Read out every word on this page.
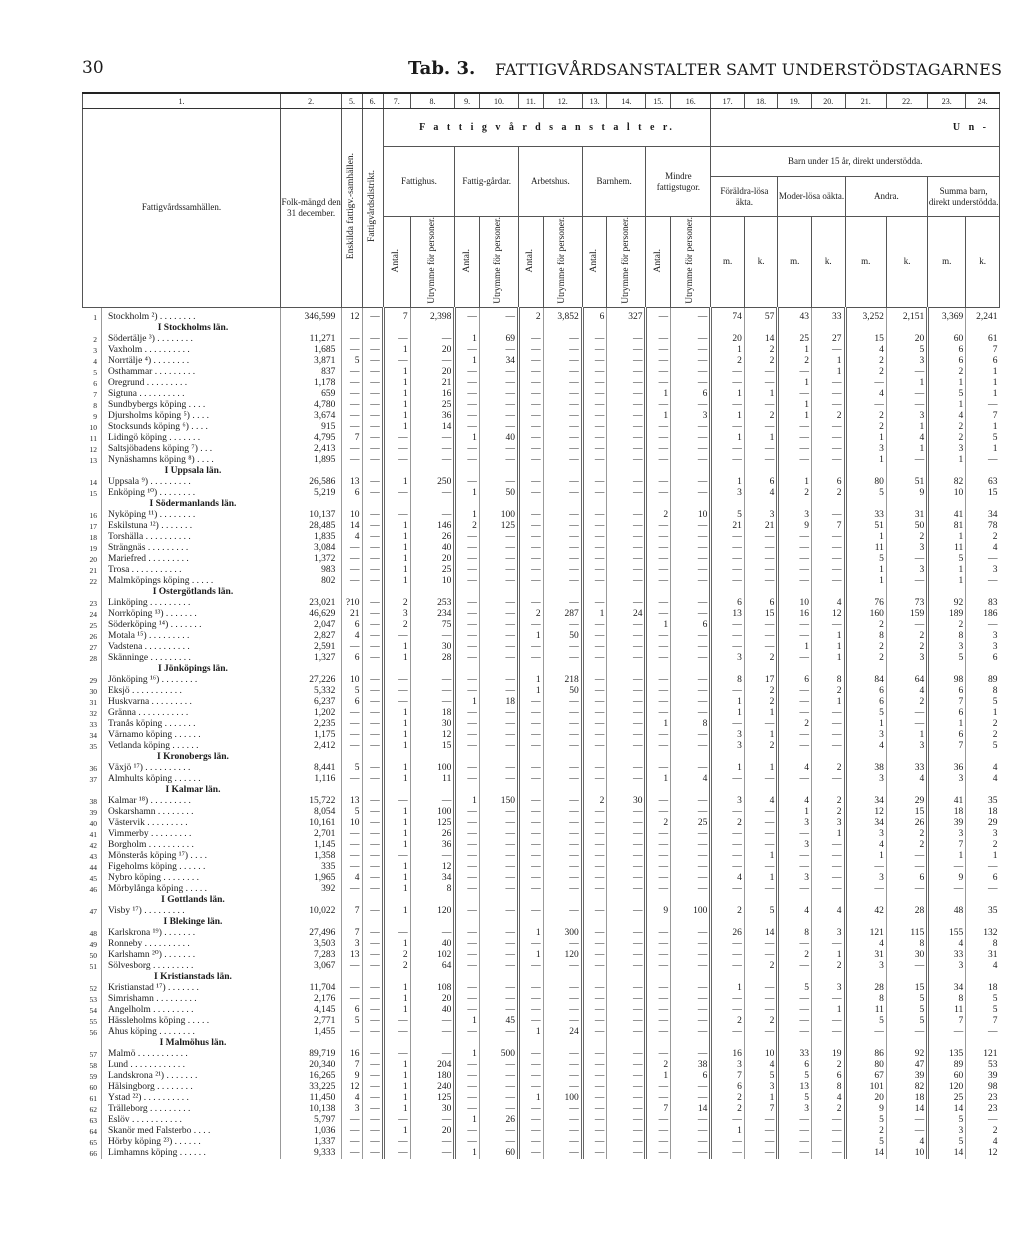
30	Tab. 3. FATTIGVÅRDSANSTALTER SAMT UNDERSTÖDSTAGARNES
1.		2.	5.	6.	7.	8.	9.	10.	11.	12.	13.	14.	15.	16.	17.	18.	19.	20.	21.	22.	23.	24.
Fattigvårdssamhällen.		Folk-mängd den 31 december.	Enskilda fattigv.-samhällen.	Fattigvårdsdistrikt.	F a t t i g v å r d s a n s t a l t e r.										U n -							
					Fattighus.		Fattig-gårdar.		Arbetshus.		Barnhem.		Mindre fattigstugor.		Barn under 15 år, direkt understödda.							
															Föräldra-lösa äkta.		Moder-lösa oäkta.		Andra.		Summa barn, direkt understödda.	
					Antal.	Utrymme för personer.	Antal.	Utrymme för personer.	Antal.	Utrymme för personer.	Antal.	Utrymme för personer.	Antal.	Utrymme för personer.	m.	k.	m.	k.	m.	k.	m.	k.
1	Stockholm ²) . . . . . . . .	346,599	12	—	7	2,398	—	—	2	3,852	6	327	—	—	74	57	43	33	3,252	2,151	3,369	2,241
	I Stockholms län.																					
2	Södertälje ³) . . . . . . . .	11,271	—	—	—	—	1	69	—	—	—	—	—	—	20	14	25	27	15	20	60	61
3	Vaxholm . . . . . . . . . .	1,685	—	—	1	20	—	—	—	—	—	—	—	—	1	2	1	—	4	5	6	7
4	Norrtälje ⁴) . . . . . . . .	3,871	5	—	—	—	1	34	—	—	—	—	—	—	2	2	2	1	2	3	6	6
5	Östhammar . . . . . . . . .	837	—	—	1	20	—	—	—	—	—	—	—	—	—	—	—	1	2	—	2	1
6	Öregrund . . . . . . . . .	1,178	—	—	1	21	—	—	—	—	—	—	—	—	—	—	1	—	—	1	1	1
7	Sigtuna . . . . . . . . . .	659	—	—	1	16	—	—	—	—	—	—	1	6	1	1	—	—	4	—	5	1
8	Sundbybergs köping . . . .	4,780	—	—	1	25	—	—	—	—	—	—	—	—	—	—	1	—	—	—	1	—
9	Djursholms köping ⁵) . . . .	3,674	—	—	1	36	—	—	—	—	—	—	1	3	1	2	1	2	2	3	4	7
10	Stocksunds köping ⁶) . . . .	915	—	—	1	14	—	—	—	—	—	—	—	—	—	—	—	—	2	1	2	1
11	Lidingö köping . . . . . . .	4,795	7	—	—	—	1	40	—	—	—	—	—	—	1	1	—	—	1	4	2	5
12	Saltsjöbadens köping ⁷) . . .	2,413	—	—	—	—	—	—	—	—	—	—	—	—	—	—	—	—	3	1	3	1
13	Nynäshamns köping ⁸) . . . .	1,895	—	—	—	—	—	—	—	—	—	—	—	—	—	—	—	—	1	—	1	—
	I Uppsala län.																					
14	Uppsala ⁹) . . . . . . . . .	26,586	13	—	1	250	—	—	—	—	—	—	—	—	1	6	1	6	80	51	82	63
15	Enköping ¹⁰) . . . . . . . .	5,219	6	—	—	—	1	50	—	—	—	—	—	—	3	4	2	2	5	9	10	15
	I Södermanlands län.																					
16	Nyköping ¹¹) . . . . . . . .	10,137	10	—	—	—	1	100	—	—	—	—	2	10	5	3	3	—	33	31	41	34
17	Eskilstuna ¹²) . . . . . . .	28,485	14	—	1	146	2	125	—	—	—	—	—	—	21	21	9	7	51	50	81	78
18	Torshälla . . . . . . . . . .	1,835	4	—	1	26	—	—	—	—	—	—	—	—	—	—	—	—	1	2	1	2
19	Strängnäs . . . . . . . . .	3,084	—	—	1	40	—	—	—	—	—	—	—	—	—	—	—	—	11	3	11	4
20	Mariefred . . . . . . . . .	1,372	—	—	1	20	—	—	—	—	—	—	—	—	—	—	—	—	5	—	5	—
21	Trosa . . . . . . . . . . .	983	—	—	1	25	—	—	—	—	—	—	—	—	—	—	—	—	1	3	1	3
22	Malmköpings köping . . . . .	802	—	—	1	10	—	—	—	—	—	—	—	—	—	—	—	—	1	—	1	—
	I Östergötlands län.																					
23	Linköping . . . . . . . . .	23,021	?10	—	2	253	—	—	—	—	—	—	—	—	6	6	10	4	76	73	92	83
24	Norrköping ¹³) . . . . . . .	46,629	21	—	3	234	—	—	2	287	1	24	—	—	13	15	16	12	160	159	189	186
25	Söderköping ¹⁴) . . . . . . .	2,047	6	—	2	75	—	—	—	—	—	—	1	6	—	—	—	—	2	—	2	—
26	Motala ¹⁵) . . . . . . . . .	2,827	4	—	—	—	—	—	1	50	—	—	—	—	—	—	—	1	8	2	8	3
27	Vadstena . . . . . . . . . .	2,591	—	—	1	30	—	—	—	—	—	—	—	—	—	—	1	1	2	2	3	3
28	Skänninge . . . . . . . . .	1,327	6	—	1	28	—	—	—	—	—	—	—	—	3	2	—	1	2	3	5	6
	I Jönköpings län.																					
29	Jönköping ¹⁶) . . . . . . . .	27,226	10	—	—	—	—	—	1	218	—	—	—	—	8	17	6	8	84	64	98	89
30	Eksjö . . . . . . . . . . .	5,332	5	—	—	—	—	—	1	50	—	—	—	—	—	2	—	2	6	4	6	8
31	Huskvarna . . . . . . . . .	6,237	6	—	—	—	1	18	—	—	—	—	—	—	1	2	—	1	6	2	7	5
32	Gränna . . . . . . . . . . .	1,202	—	—	1	18	—	—	—	—	—	—	—	—	1	1	—	—	5	—	6	1
33	Tranås köping . . . . . . .	2,235	—	—	1	30	—	—	—	—	—	—	1	8	—	—	2	—	1	—	1	2
34	Värnamo köping . . . . . .	1,175	—	—	1	12	—	—	—	—	—	—	—	—	3	1	—	—	3	1	6	2
35	Vetlanda köping . . . . . .	2,412	—	—	1	15	—	—	—	—	—	—	—	—	3	2	—	—	4	3	7	5
	I Kronobergs län.																					
36	Växjö ¹⁷) . . . . . . . . . .	8,441	5	—	1	100	—	—	—	—	—	—	—	—	1	1	4	2	38	33	36	4
37	Älmhults köping . . . . . .	1,116	—	—	1	11	—	—	—	—	—	—	1	4	—	—	—	—	3	4	3	4
	I Kalmar län.																					
38	Kalmar ¹⁸) . . . . . . . . .	15,722	13	—	—	—	1	150	—	—	2	30	—	—	3	4	4	2	34	29	41	35
39	Oskarshamn . . . . . . . .	8,054	5	—	1	100	—	—	—	—	—	—	—	—	—	—	1	2	12	15	18	18
40	Västervik . . . . . . . . .	10,161	10	—	1	125	—	—	—	—	—	—	2	25	2	—	3	3	34	26	39	29
41	Vimmerby . . . . . . . . .	2,701	—	—	1	26	—	—	—	—	—	—	—	—	—	—	—	1	3	2	3	3
42	Borgholm . . . . . . . . . .	1,145	—	—	1	36	—	—	—	—	—	—	—	—	—	—	3	—	4	2	7	2
43	Mönsterås köping ¹⁷) . . . .	1,358	—	—	—	—	—	—	—	—	—	—	—	—	—	1	—	—	1	—	1	1
44	Figeholms köping . . . . . .	335	—	—	1	12	—	—	—	—	—	—	—	—	—	—	—	—	—	—	—	—
45	Nybro köping . . . . . . . .	1,965	4	—	1	34	—	—	—	—	—	—	—	—	4	1	3	—	3	6	9	6
46	Mörbylånga köping . . . . .	392	—	—	1	8	—	—	—	—	—	—	—	—	—	—	—	—	—	—	—	—
	I Gottlands län.																					
47	Visby ¹⁷) . . . . . . . . .	10,022	7	—	1	120	—	—	—	—	—	—	9	100	2	5	4	4	42	28	48	35
	I Blekinge län.																					
48	Karlskrona ¹⁹) . . . . . . .	27,496	7	—	—	—	—	—	1	300	—	—	—	—	26	14	8	3	121	115	155	132
49	Ronneby . . . . . . . . . .	3,503	3	—	1	40	—	—	—	—	—	—	—	—	—	—	—	—	4	8	4	8
50	Karlshamn ²⁰) . . . . . . .	7,283	13	—	2	102	—	—	1	120	—	—	—	—	—	—	2	1	31	30	33	31
51	Sölvesborg . . . . . . . . .	3,067	—	—	2	64	—	—	—	—	—	—	—	—	—	2	—	2	3	—	3	4
	I Kristianstads län.																					
52	Kristianstad ¹⁷) . . . . . . .	11,704	—	—	1	108	—	—	—	—	—	—	—	—	1	—	5	3	28	15	34	18
53	Simrishamn . . . . . . . . .	2,176	—	—	1	20	—	—	—	—	—	—	—	—	—	—	—	—	8	5	8	5
54	Ängelholm . . . . . . . . .	4,145	6	—	1	40	—	—	—	—	—	—	—	—	—	—	—	1	11	5	11	5
55	Hässleholms köping . . . . .	2,771	5	—	—	—	1	45	—	—	—	—	—	—	2	2	—	—	5	5	7	7
56	Åhus köping . . . . . . . .	1,455	—	—	—	—	—	—	1	24	—	—	—	—	—	—	—	—	—	—	—	—
	I Malmöhus län.																					
57	Malmö . . . . . . . . . . .	89,719	16	—	—	—	1	500	—	—	—	—	—	—	16	10	33	19	86	92	135	121
58	Lund . . . . . . . . . . . .	20,340	7	—	1	204	—	—	—	—	—	—	2	38	3	4	6	2	80	47	89	53
59	Landskrona ²¹) . . . . . . .	16,265	9	—	1	180	—	—	—	—	—	—	1	6	7	5	5	6	67	39	60	39
60	Hälsingborg . . . . . . . .	33,225	12	—	1	240	—	—	—	—	—	—	—	—	6	3	13	8	101	82	120	98
61	Ystad ²²) . . . . . . . . . .	11,450	4	—	1	125	—	—	1	100	—	—	—	—	2	1	5	4	20	18	25	23
62	Trälleborg . . . . . . . . .	10,138	3	—	1	30	—	—	—	—	—	—	7	14	2	7	3	2	9	14	14	23
63	Eslöv . . . . . . . . . . .	5,797	—	—	—	—	1	26	—	—	—	—	—	—	—	—	—	—	5	—	5	—
64	Skanör med Falsterbo . . . .	1,036	—	—	1	20	—	—	—	—	—	—	—	—	1	—	—	—	2	—	3	2
65	Hörby köping ²³) . . . . . .	1,337	—	—	—	—	—	—	—	—	—	—	—	—	—	—	—	—	5	4	5	4
66	Limhamns köping . . . . . .	9,333	—	—	—	—	1	60	—	—	—	—	—	—	—	—	—	—	14	10	14	12
